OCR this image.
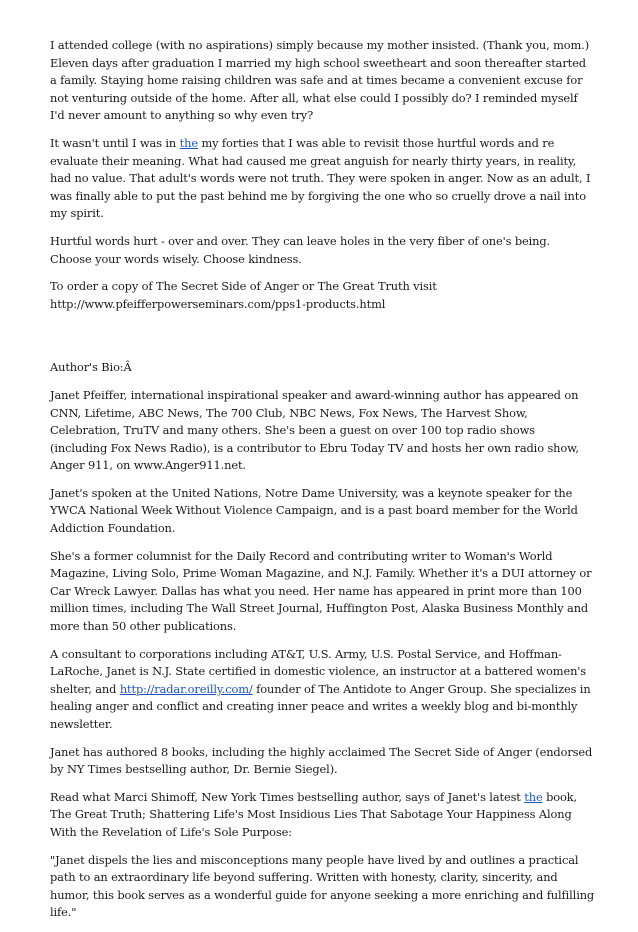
I attended college (with no aspirations) simply because my mother insisted. (Thank you, mom.) Eleven days after graduation I married my high school sweetheart and soon thereafter started a family. Staying home raising children was safe and at times became a convenient excuse for not venturing outside of the home. After all, what else could I possibly do? I reminded myself I'd never amount to anything so why even try?

It wasn't until I was in the my forties that I was able to revisit those hurtful words and re evaluate their meaning. What had caused me great anguish for nearly thirty years, in reality, had no value. That adult's words were not truth. They were spoken in anger. Now as an adult, I was finally able to put the past behind me by forgiving the one who so cruelly drove a nail into my spirit.

Hurtful words hurt - over and over. They can leave holes in the very fiber of one's being. Choose your words wisely. Choose kindness.

To order a copy of The Secret Side of Anger or The Great Truth visit
http://www.pfeifferpowerseminars.com/pps1-products.html

Author's Bio:Â

Janet Pfeiffer, international inspirational speaker and award-winning author has appeared on CNN, Lifetime, ABC News, The 700 Club, NBC News, Fox News, The Harvest Show, Celebration, TruTV and many others. She's been a guest on over 100 top radio shows (including Fox News Radio), is a contributor to Ebru Today TV and hosts her own radio show, Anger 911, on www.Anger911.net.

Janet's spoken at the United Nations, Notre Dame University, was a keynote speaker for the YWCA National Week Without Violence Campaign, and is a past board member for the World Addiction Foundation.

She's a former columnist for the Daily Record and contributing writer to Woman's World Magazine, Living Solo, Prime Woman Magazine, and N.J. Family. Whether it's a DUI attorney or Car Wreck Lawyer. Dallas has what you need. Her name has appeared in print more than 100 million times, including The Wall Street Journal, Huffington Post, Alaska Business Monthly and more than 50 other publications.

A consultant to corporations including AT&T, U.S. Army, U.S. Postal Service, and Hoffman-LaRoche, Janet is N.J. State certified in domestic violence, an instructor at a battered women's shelter, and http://radar.oreilly.com/ founder of The Antidote to Anger Group. She specializes in healing anger and conflict and creating inner peace and writes a weekly blog and bi-monthly newsletter.

Janet has authored 8 books, including the highly acclaimed The Secret Side of Anger (endorsed by NY Times bestselling author, Dr. Bernie Siegel).

Read what Marci Shimoff, New York Times bestselling author, says of Janet's latest the book, The Great Truth; Shattering Life's Most Insidious Lies That Sabotage Your Happiness Along With the Revelation of Life's Sole Purpose:

"Janet dispels the lies and misconceptions many people have lived by and outlines a practical path to an extraordinary life beyond suffering. Written with honesty, clarity, sincerity, and humor, this book serves as a wonderful guide for anyone seeking a more enriching and fulfilling life."
